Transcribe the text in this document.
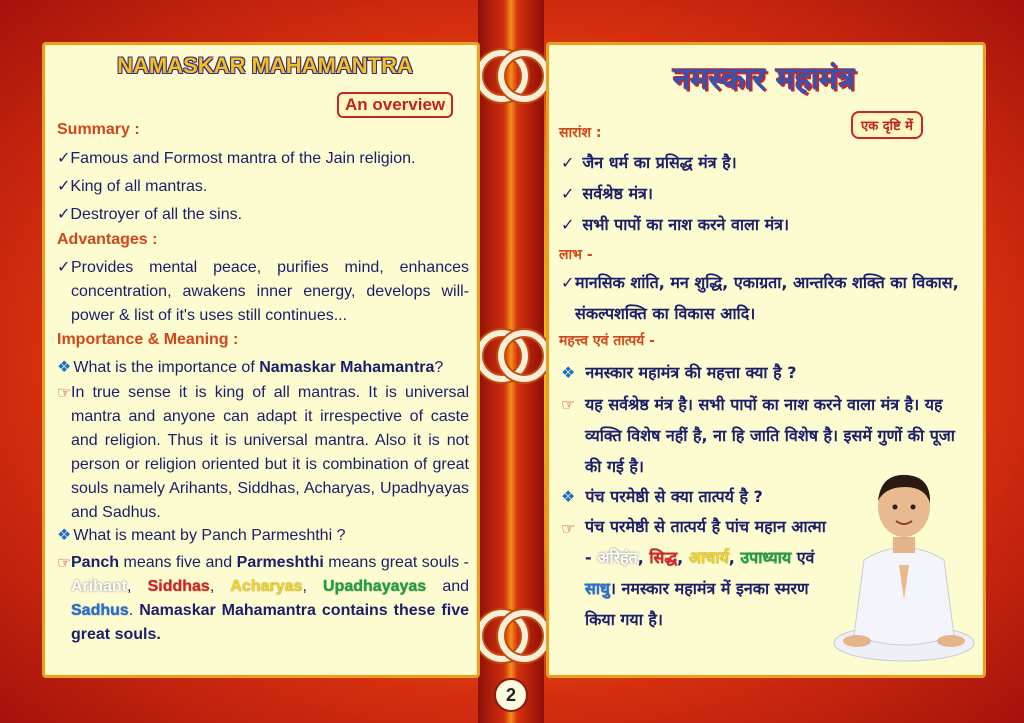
NAMASKAR MAHAMANTRA
An overview
Summary :
✓Famous and Formost mantra of the Jain religion.
✓King of all mantras.
✓Destroyer of all the sins.
Advantages :
✓ Provides mental peace, purifies mind, enhances concentration, awakens inner energy, develops will-power & list of it's uses still continues...
Importance & Meaning :
❖ What is the importance of Namaskar Mahamantra?
☞ In true sense it is king of all mantras. It is universal mantra and anyone can adapt it irrespective of caste and religion. Thus it is universal mantra. Also it is not person or religion oriented but it is combination of great souls namely Arihants, Siddhas, Acharyas, Upadhyayas and Sadhus.
❖ What is meant by Panch Parmeshthi ?
☞ Panch means five and Parmeshthi means great souls - Arihant, Siddhas, Acharyas, Upadhayayas and Sadhus. Namaskar Mahamantra contains these five great souls.
नमस्कार महामंत्र
एक दृष्टि में
सारांश :
✓ जैन धर्म का प्रसिद्ध मंत्र है।
✓ सर्वश्रेष्ठ मंत्र।
✓ सभी पापों का नाश करने वाला मंत्र।
लाभ -
✓ मानसिक शांति, मन शुद्धि, एकाग्रता, आन्तरिक शक्ति का विकास, संकल्पशक्ति का विकास आदि।
महत्त्व एवं तात्पर्य -
❖ नमस्कार महामंत्र की महत्ता क्या है ?
☞ यह सर्वश्रेष्ठ मंत्र है। सभी पापों का नाश करने वाला मंत्र है। यह व्यक्ति विशेष नहीं है, ना हि जाति विशेष है। इसमें गुणों की पूजा की गई है।
❖ पंच परमेष्ठी से क्या तात्पर्य है ?
☞ पंच परमेष्ठी से तात्पर्य है पांच महान आत्मा - अरिहंत, सिद्ध, आचार्य, उपाध्याय एवं साधु। नमस्कार महामंत्र में इनका स्मरण किया गया है।
2
